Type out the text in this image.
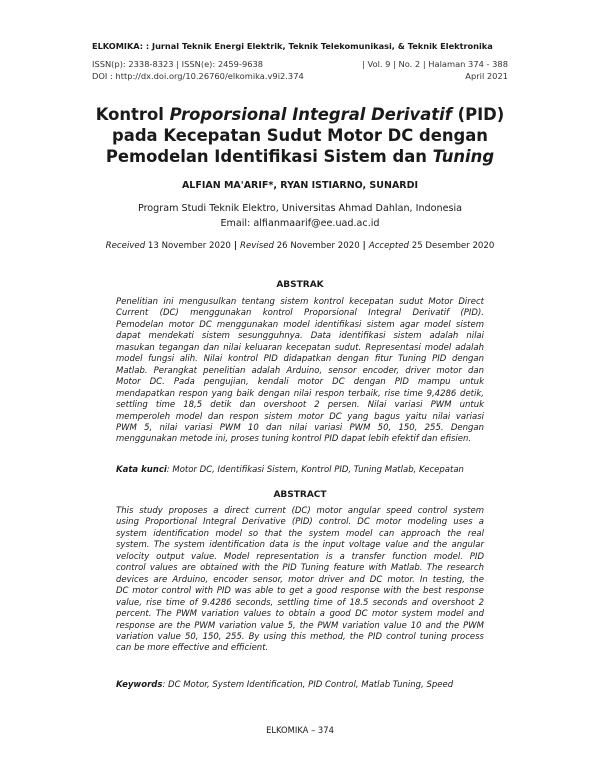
ELKOMIKA: : Jurnal Teknik Energi Elektrik, Teknik Telekomunikasi, & Teknik Elektronika
ISSN(p): 2338-8323 | ISSN(e): 2459-9638	| Vol. 9 | No. 2 | Halaman 374 - 388
DOI : http://dx.doi.org/10.26760/elkomika.v9i2.374	April 2021
Kontrol Proporsional Integral Derivatif (PID)
pada Kecepatan Sudut Motor DC dengan
Pemodelan Identifikasi Sistem dan Tuning
ALFIAN MA'ARIF*, RYAN ISTIARNO, SUNARDI
Program Studi Teknik Elektro, Universitas Ahmad Dahlan, Indonesia
Email: alfianmaarif@ee.uad.ac.id
Received 13 November 2020 | Revised 26 November 2020 | Accepted 25 Desember 2020
ABSTRAK
Penelitian ini mengusulkan tentang sistem kontrol kecepatan sudut Motor Direct
Current (DC) menggunakan kontrol Proporsional Integral Derivatif (PID).
Pemodelan motor DC menggunakan model identifikasi sistem agar model sistem
dapat mendekati sistem sesungguhnya. Data identifikasi sistem adalah nilai
masukan tegangan dan nilai keluaran kecepatan sudut. Representasi model adalah
model fungsi alih. Nilai kontrol PID didapatkan dengan fitur Tuning PID dengan
Matlab. Perangkat penelitian adalah Arduino, sensor encoder, driver motor dan
Motor DC. Pada pengujian, kendali motor DC dengan PID mampu untuk
mendapatkan respon yang baik dengan nilai respon terbaik, rise time 9,4286 detik,
settling time 18,5 detik dan overshoot 2 persen. Nilai variasi PWM untuk
memperoleh model dan respon sistem motor DC yang bagus yaitu nilai variasi
PWM 5, nilai variasi PWM 10 dan nilai variasi PWM 50, 150, 255. Dengan
menggunakan metode ini, proses tuning kontrol PID dapat lebih efektif dan efisien.
Kata kunci: Motor DC, Identifikasi Sistem, Kontrol PID, Tuning Matlab, Kecepatan
ABSTRACT
This study proposes a direct current (DC) motor angular speed control system
using Proportional Integral Derivative (PID) control. DC motor modeling uses a
system identification model so that the system model can approach the real
system. The system identification data is the input voltage value and the angular
velocity output value. Model representation is a transfer function model. PID
control values are obtained with the PID Tuning feature with Matlab. The research
devices are Arduino, encoder sensor, motor driver and DC motor. In testing, the
DC motor control with PID was able to get a good response with the best response
value, rise time of 9.4286 seconds, settling time of 18.5 seconds and overshoot 2
percent. The PWM variation values to obtain a good DC motor system model and
response are the PWM variation value 5, the PWM variation value 10 and the PWM
variation value 50, 150, 255. By using this method, the PID control tuning process
can be more effective and efficient.
Keywords: DC Motor, System Identification, PID Control, Matlab Tuning, Speed
ELKOMIKA – 374
